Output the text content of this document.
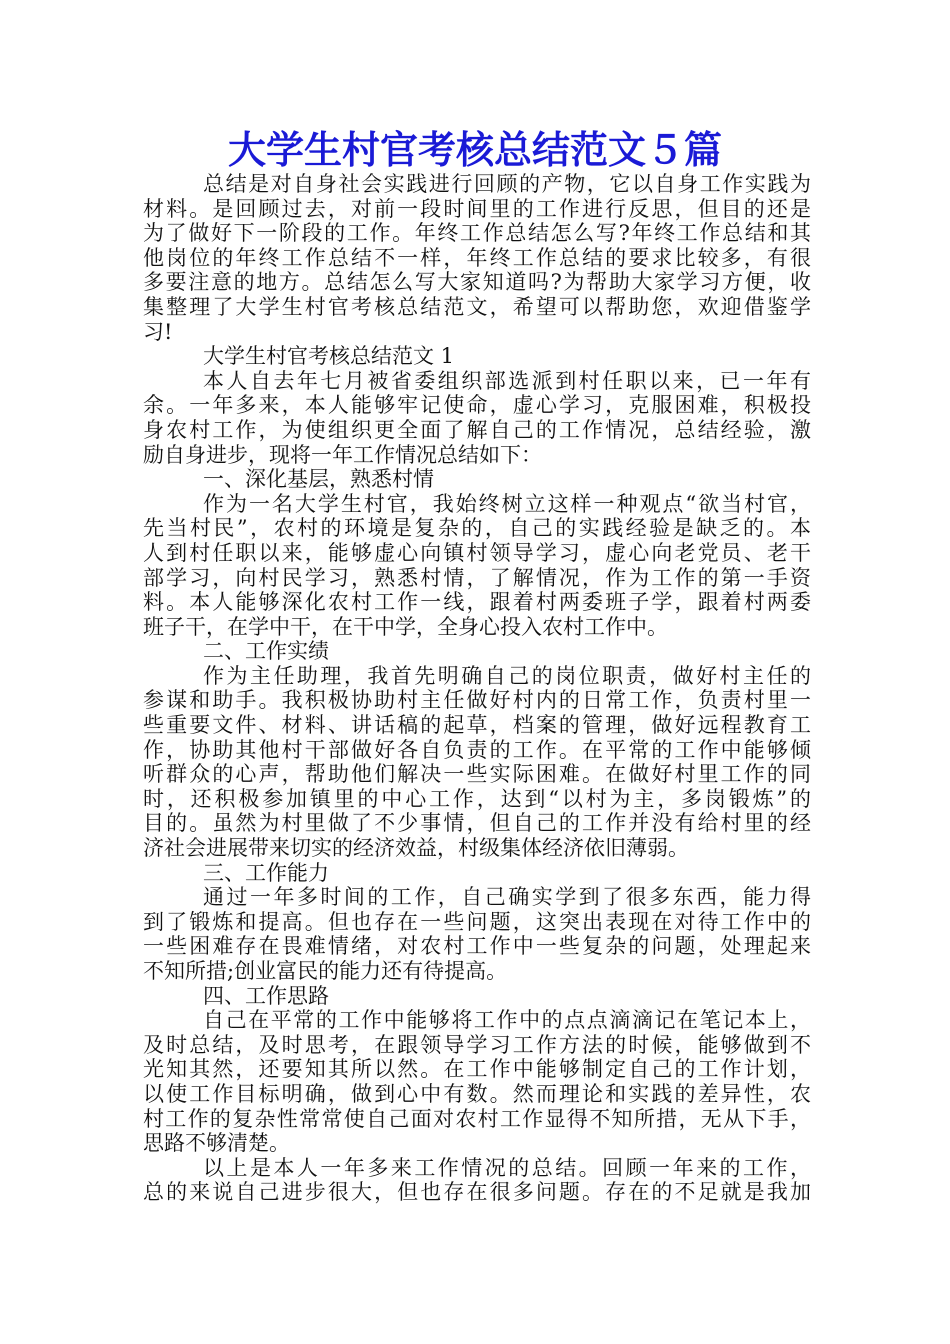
大学生村官考核总结范文５篇
总结是对自身社会实践进行回顾的产物，它以自身工作实践为
材料。是回顾过去，对前一段时间里的工作进行反思，但目的还是
为了做好下一阶段的工作。年终工作总结怎么写?年终工作总结和其
他岗位的年终工作总结不一样，年终工作总结的要求比较多，有很
多要注意的地方。总结怎么写大家知道吗?为帮助大家学习方便，收
集整理了大学生村官考核总结范文，希望可以帮助您，欢迎借鉴学
习!
大学生村官考核总结范文 1
本人自去年七月被省委组织部选派到村任职以来，已一年有
余。一年多来，本人能够牢记使命，虚心学习，克服困难，积极投
身农村工作，为使组织更全面了解自己的工作情况，总结经验，激
励自身进步，现将一年工作情况总结如下：
一、深化基层，熟悉村情
作为一名大学生村官，我始终树立这样一种观点“欲当村官，
先当村民”，农村的环境是复杂的，自己的实践经验是缺乏的。本
人到村任职以来，能够虚心向镇村领导学习，虚心向老党员、老干
部学习，向村民学习，熟悉村情，了解情况，作为工作的第一手资
料。本人能够深化农村工作一线，跟着村两委班子学，跟着村两委
班子干，在学中干，在干中学，全身心投入农村工作中。
二、工作实绩
作为主任助理，我首先明确自己的岗位职责，做好村主任的
参谋和助手。我积极协助村主任做好村内的日常工作，负责村里一
些重要文件、材料、讲话稿的起草，档案的管理，做好远程教育工
作，协助其他村干部做好各自负责的工作。在平常的工作中能够倾
听群众的心声，帮助他们解决一些实际困难。在做好村里工作的同
时，还积极参加镇里的中心工作，达到“以村为主，多岗锻炼”的
目的。虽然为村里做了不少事情，但自己的工作并没有给村里的经
济社会进展带来切实的经济效益，村级集体经济依旧薄弱。
三、工作能力
通过一年多时间的工作，自己确实学到了很多东西，能力得
到了锻炼和提高。但也存在一些问题，这突出表现在对待工作中的
一些困难存在畏难情绪，对农村工作中一些复杂的问题，处理起来
不知所措;创业富民的能力还有待提高。
四、工作思路
自己在平常的工作中能够将工作中的点点滴滴记在笔记本上，
及时总结，及时思考，在跟领导学习工作方法的时候，能够做到不
光知其然，还要知其所以然。在工作中能够制定自己的工作计划，
以使工作目标明确，做到心中有数。然而理论和实践的差异性，农
村工作的复杂性常常使自己面对农村工作显得不知所措，无从下手，
思路不够清楚。
以上是本人一年多来工作情况的总结。回顾一年来的工作，
总的来说自己进步很大，但也存在很多问题。存在的不足就是我加
